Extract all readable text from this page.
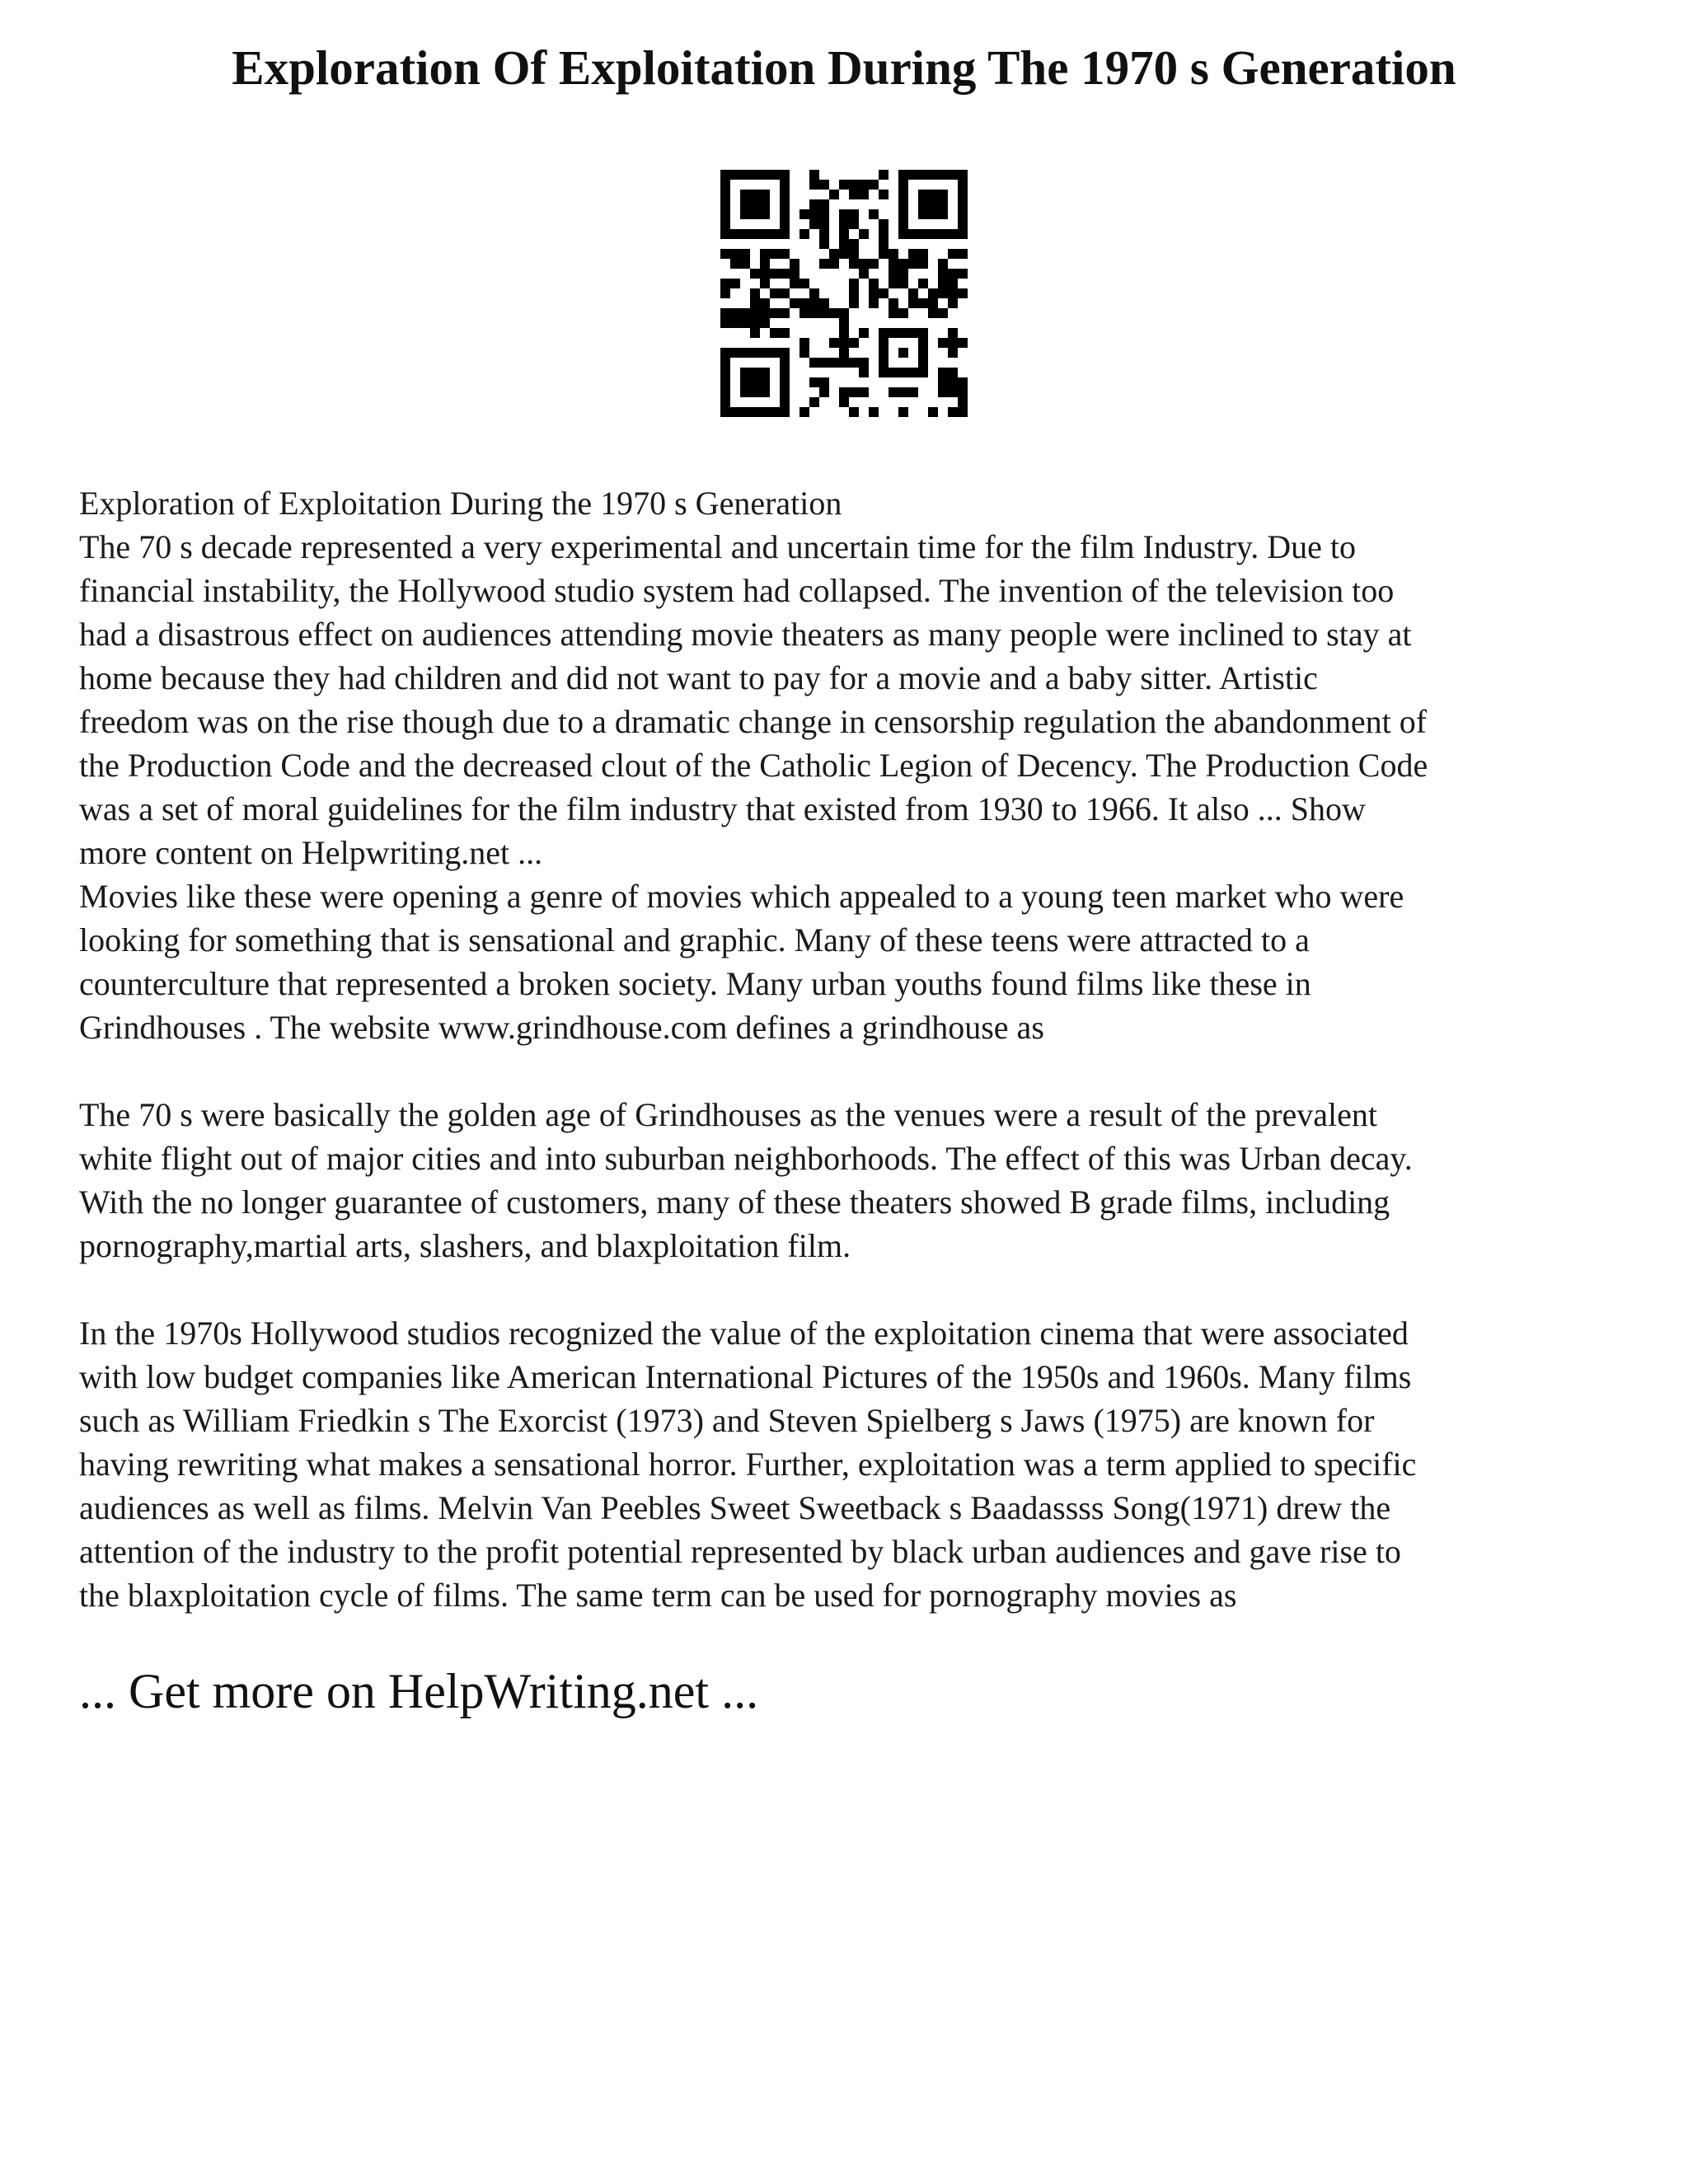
Exploration Of Exploitation During The 1970 s Generation

Exploration of Exploitation During the 1970 s Generation

The 70 s decade represented a very experimental and uncertain time for the film Industry. Due to
financial instability, the Hollywood studio system had collapsed. The invention of the television too
had a disastrous effect on audiences attending movie theaters as many people were inclined to stay at
home because they had children and did not want to pay for a movie and a baby sitter. Artistic
freedom was on the rise though due to a dramatic change in censorship regulation the abandonment of
the Production Code and the decreased clout of the Catholic Legion of Decency. The Production Code
was a set of moral guidelines for the film industry that existed from 1930 to 1966. It also ... Show
more content on Helpwriting.net ...

Movies like these were opening a genre of movies which appealed to a young teen market who were
looking for something that is sensational and graphic. Many of these teens were attracted to a
counterculture that represented a broken society. Many urban youths found films like these in
Grindhouses . The website www.grindhouse.com defines a grindhouse as

The 70 s were basically the golden age of Grindhouses as the venues were a result of the prevalent
white flight out of major cities and into suburban neighborhoods. The effect of this was Urban decay.
With the no longer guarantee of customers, many of these theaters showed B grade films, including
pornography,martial arts, slashers, and blaxploitation film.

In the 1970s Hollywood studios recognized the value of the exploitation cinema that were associated
with low budget companies like American International Pictures of the 1950s and 1960s. Many films
such as William Friedkin s The Exorcist (1973) and Steven Spielberg s Jaws (1975) are known for
having rewriting what makes a sensational horror. Further, exploitation was a term applied to specific
audiences as well as films. Melvin Van Peebles Sweet Sweetback s Baadassss Song(1971) drew the
attention of the industry to the profit potential represented by black urban audiences and gave rise to
the blaxploitation cycle of films. The same term can be used for pornography movies as

... Get more on HelpWriting.net ...
